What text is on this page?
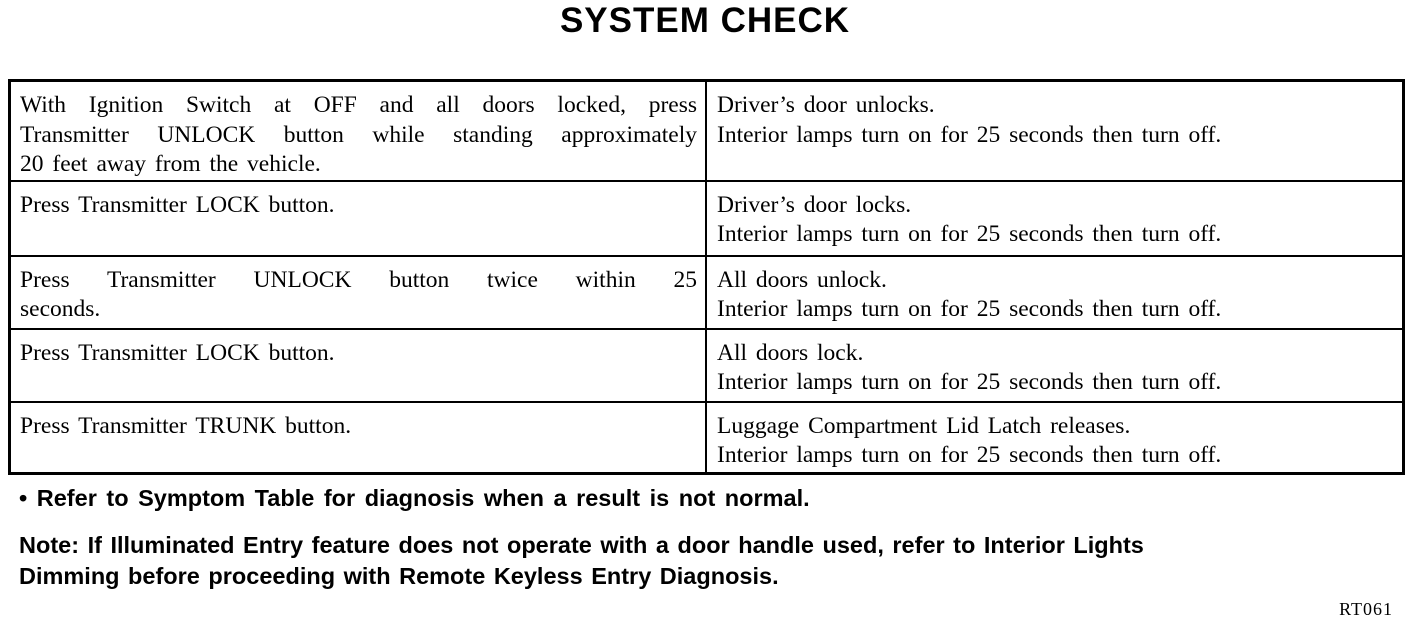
SYSTEM CHECK
With Ignition Switch at OFF and all doors locked, press
Transmitter UNLOCK button while standing approximately
20 feet away from the vehicle.	Driver’s door unlocks.
Interior lamps turn on for 25 seconds then turn off.

Press Transmitter LOCK button.	Driver’s door locks.
Interior lamps turn on for 25 seconds then turn off.

Press Transmitter UNLOCK button twice within 25
seconds.	All doors unlock.
Interior lamps turn on for 25 seconds then turn off.

Press Transmitter LOCK button.	All doors lock.
Interior lamps turn on for 25 seconds then turn off.

Press Transmitter TRUNK button.	Luggage Compartment Lid Latch releases.
Interior lamps turn on for 25 seconds then turn off.
• Refer to Symptom Table for diagnosis when a result is not normal.
Note: If Illuminated Entry feature does not operate with a door handle used, refer to Interior Lights
Dimming before proceeding with Remote Keyless Entry Diagnosis.
RT061
